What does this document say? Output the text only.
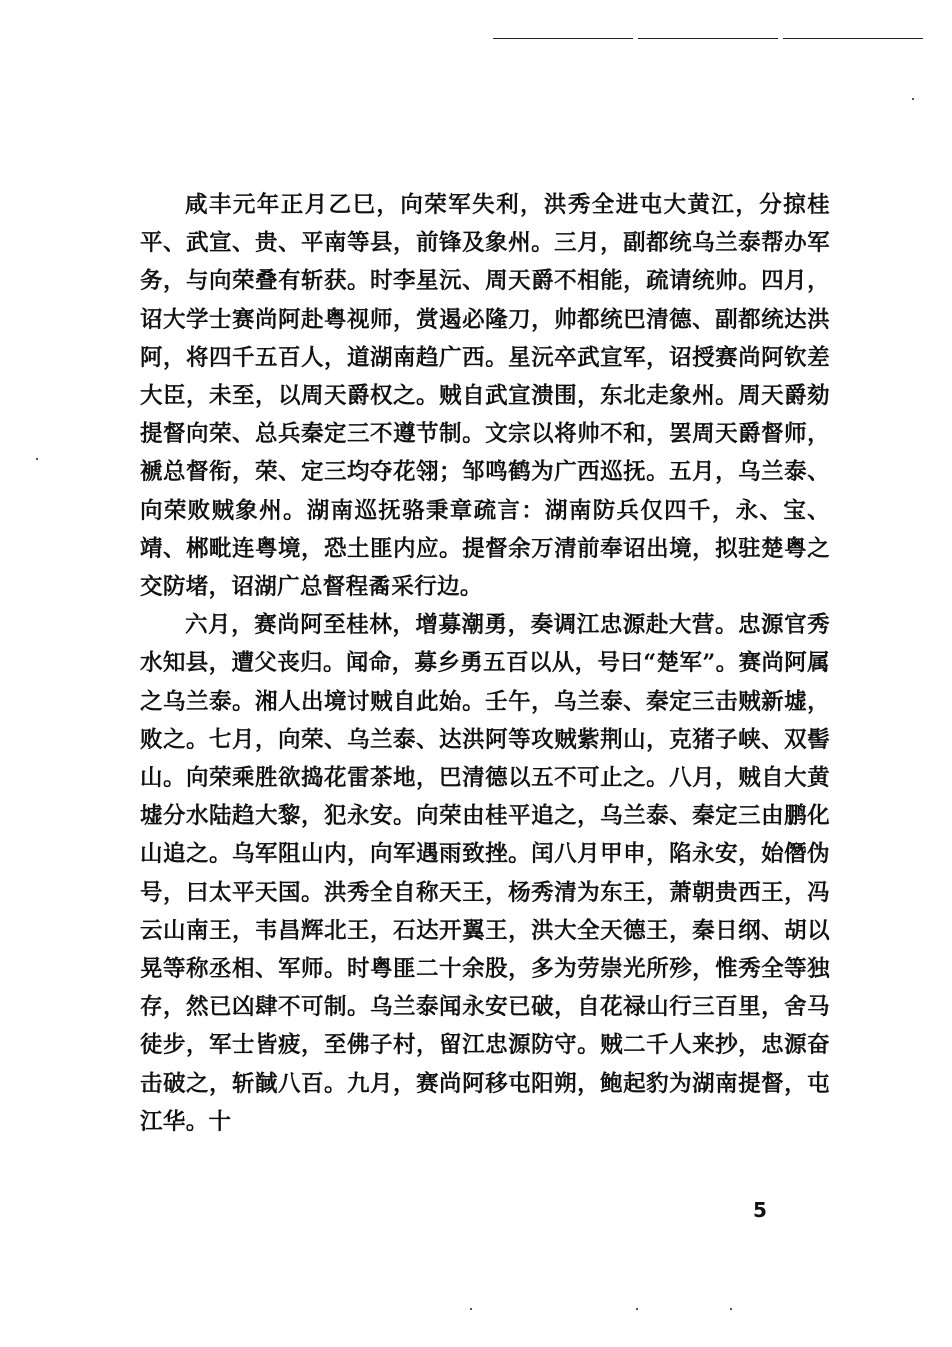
咸丰元年正月乙巳，向荣军失利，洪秀全进屯大黄江，分掠桂平、武宣、贵、平南等县，前锋及象州。三月，副都统乌兰泰帮办军务，与向荣叠有斩获。时李星沅、周天爵不相能，疏请统帅。四月，诏大学士赛尚阿赴粤视师，赏遏必隆刀，帅都统巴清德、副都统达洪阿，将四千五百人，道湖南趋广西。星沅卒武宣军，诏授赛尚阿钦差大臣，未至，以周天爵权之。贼自武宣溃围，东北走象州。周天爵劾提督向荣、总兵秦定三不遵节制。文宗以将帅不和，罢周天爵督师，褫总督衔，荣、定三均夺花翎；邹鸣鹤为广西巡抚。五月，乌兰泰、向荣败贼象州。湖南巡抚骆秉章疏言：湖南防兵仅四千，永、宝、靖、郴毗连粤境，恐土匪内应。提督余万清前奉诏出境，拟驻楚粤之交防堵，诏湖广总督程矞采行边。

六月，赛尚阿至桂林，增募潮勇，奏调江忠源赴大营。忠源官秀水知县，遭父丧归。闻命，募乡勇五百以从，号曰“楚军”。赛尚阿属之乌兰泰。湘人出境讨贼自此始。壬午，乌兰泰、秦定三击贼新墟，败之。七月，向荣、乌兰泰、达洪阿等攻贼紫荆山，克猪子峡、双髻山。向荣乘胜欲捣花雷茶地，巴清德以五不可止之。八月，贼自大黄墟分水陆趋大黎，犯永安。向荣由桂平追之，乌兰泰、秦定三由鹏化山追之。乌军阻山内，向军遇雨致挫。闰八月甲申，陷永安，始僭伪号，曰太平天国。洪秀全自称天王，杨秀清为东王，萧朝贵西王，冯云山南王，韦昌辉北王，石达开翼王，洪大全天德王，秦日纲、胡以晃等称丞相、军师。时粤匪二十余股，多为劳崇光所殄，惟秀全等独存，然已凶肆不可制。乌兰泰闻永安已破，自花禄山行三百里，舍马徒步，军士皆疲，至佛子村，留江忠源防守。贼二千人来抄，忠源奋击破之，斩馘八百。九月，赛尚阿移屯阳朔，鲍起豹为湖南提督，屯江华。十

5
